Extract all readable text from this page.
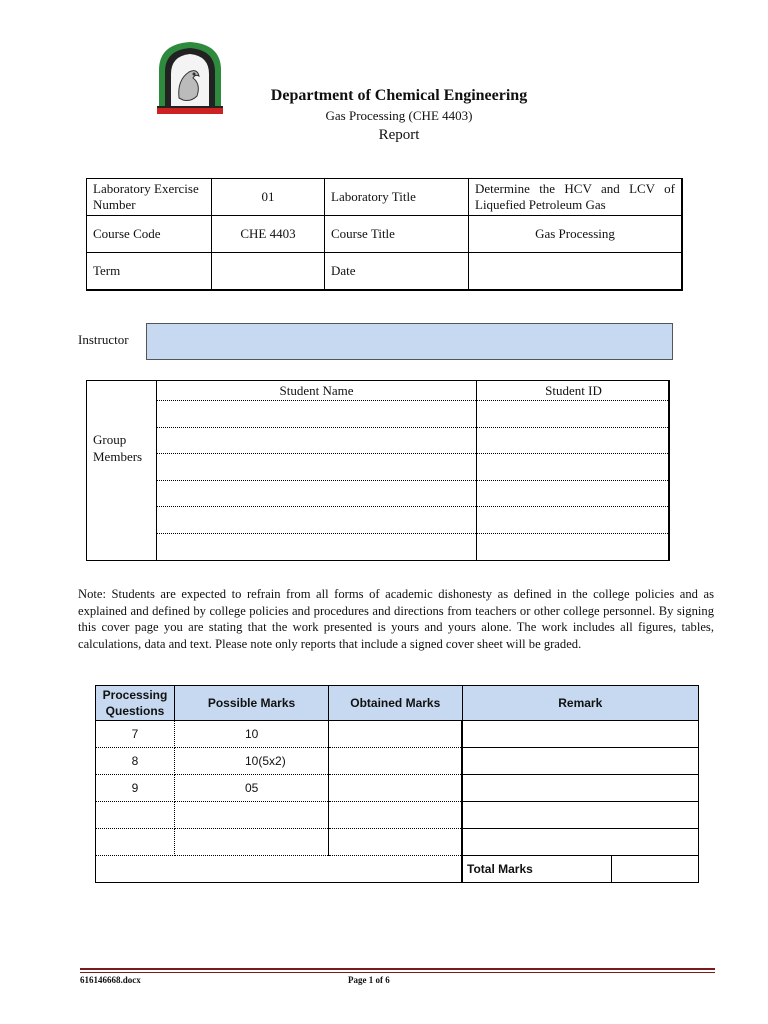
Department of Chemical Engineering
Gas Processing (CHE 4403)
Report
Laboratory Exercise Number	01	Laboratory Title	Determine the HCV and LCV of Liquefied Petroleum Gas
Course Code	CHE 4403	Course Title	Gas Processing
Term		Date	
Instructor
Group Members
Student Name	Student ID

Note: Students are expected to refrain from all forms of academic dishonesty as defined in the college policies and as explained and defined by college policies and procedures and directions from teachers or other college personnel. By signing this cover page you are stating that the work presented is yours and yours alone. The work includes all figures, tables, calculations, data and text. Please note only reports that include a signed cover sheet will be graded.
Processing Questions	Possible Marks	Obtained Marks	Remark	
7	10			
8	10(5x2)			
9	05			

			Total Marks	
616146668.docx	Page 1 of 6
